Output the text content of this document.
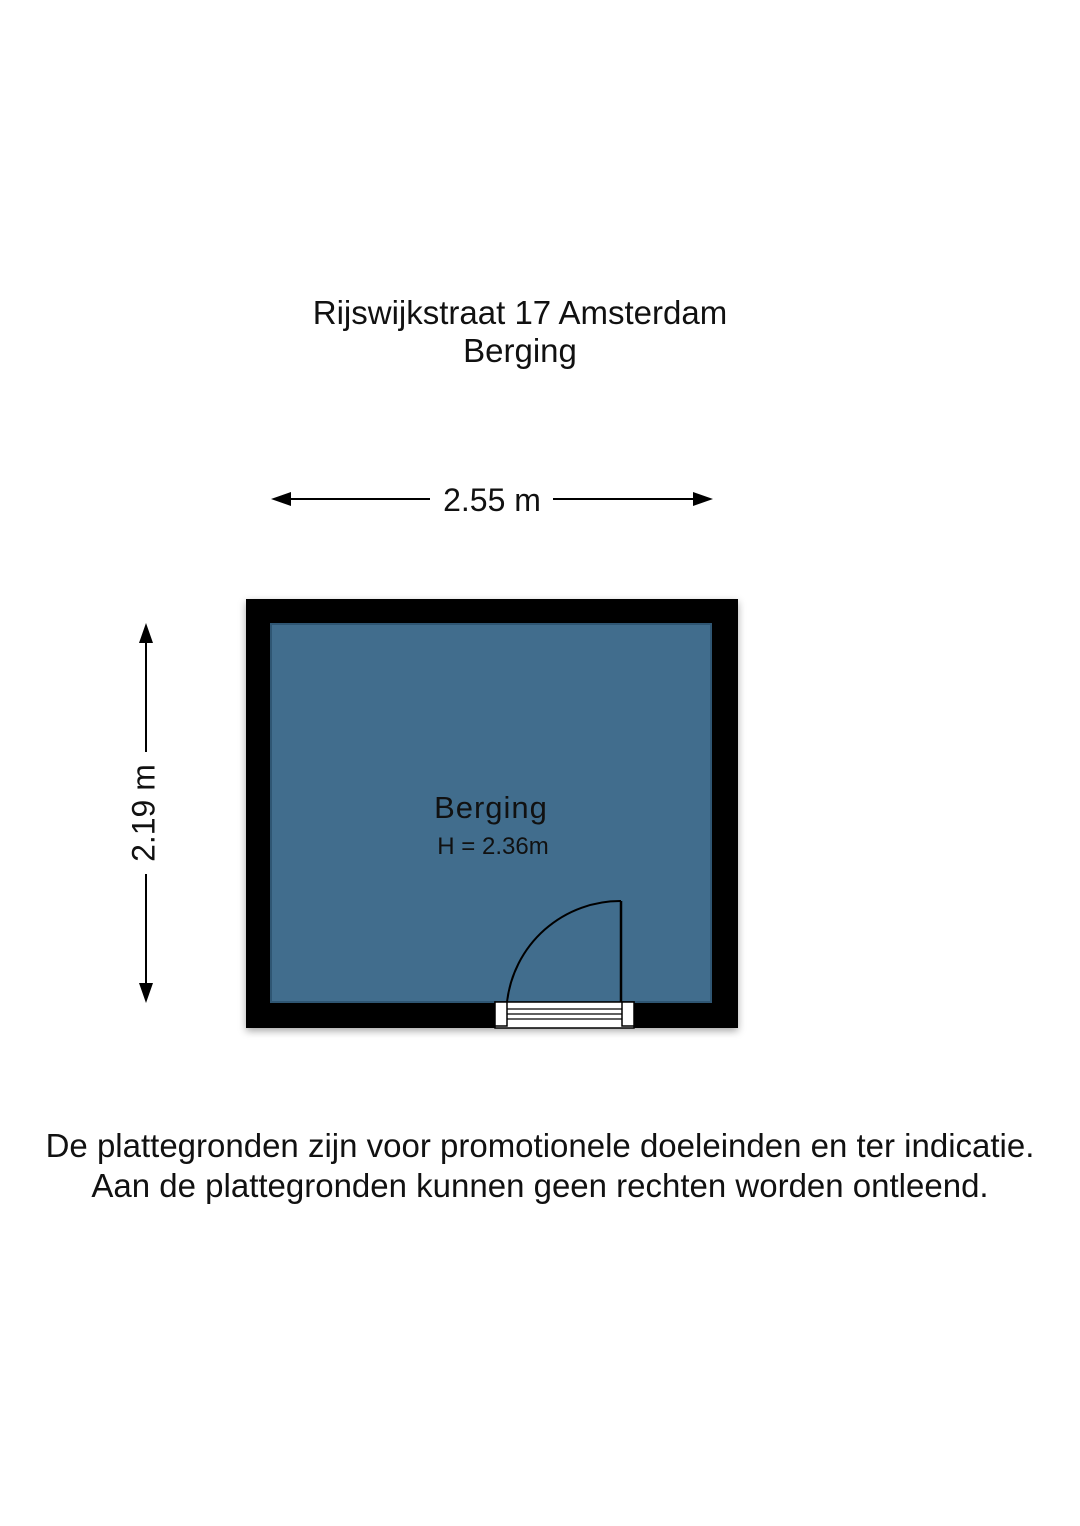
Rijswijkstraat 17 Amsterdam
Berging
2.55 m
2.19 m	Berging
H = 2.36m
De plattegronden zijn voor promotionele doeleinden en ter indicatie.
Aan de plattegronden kunnen geen rechten worden ontleend.
